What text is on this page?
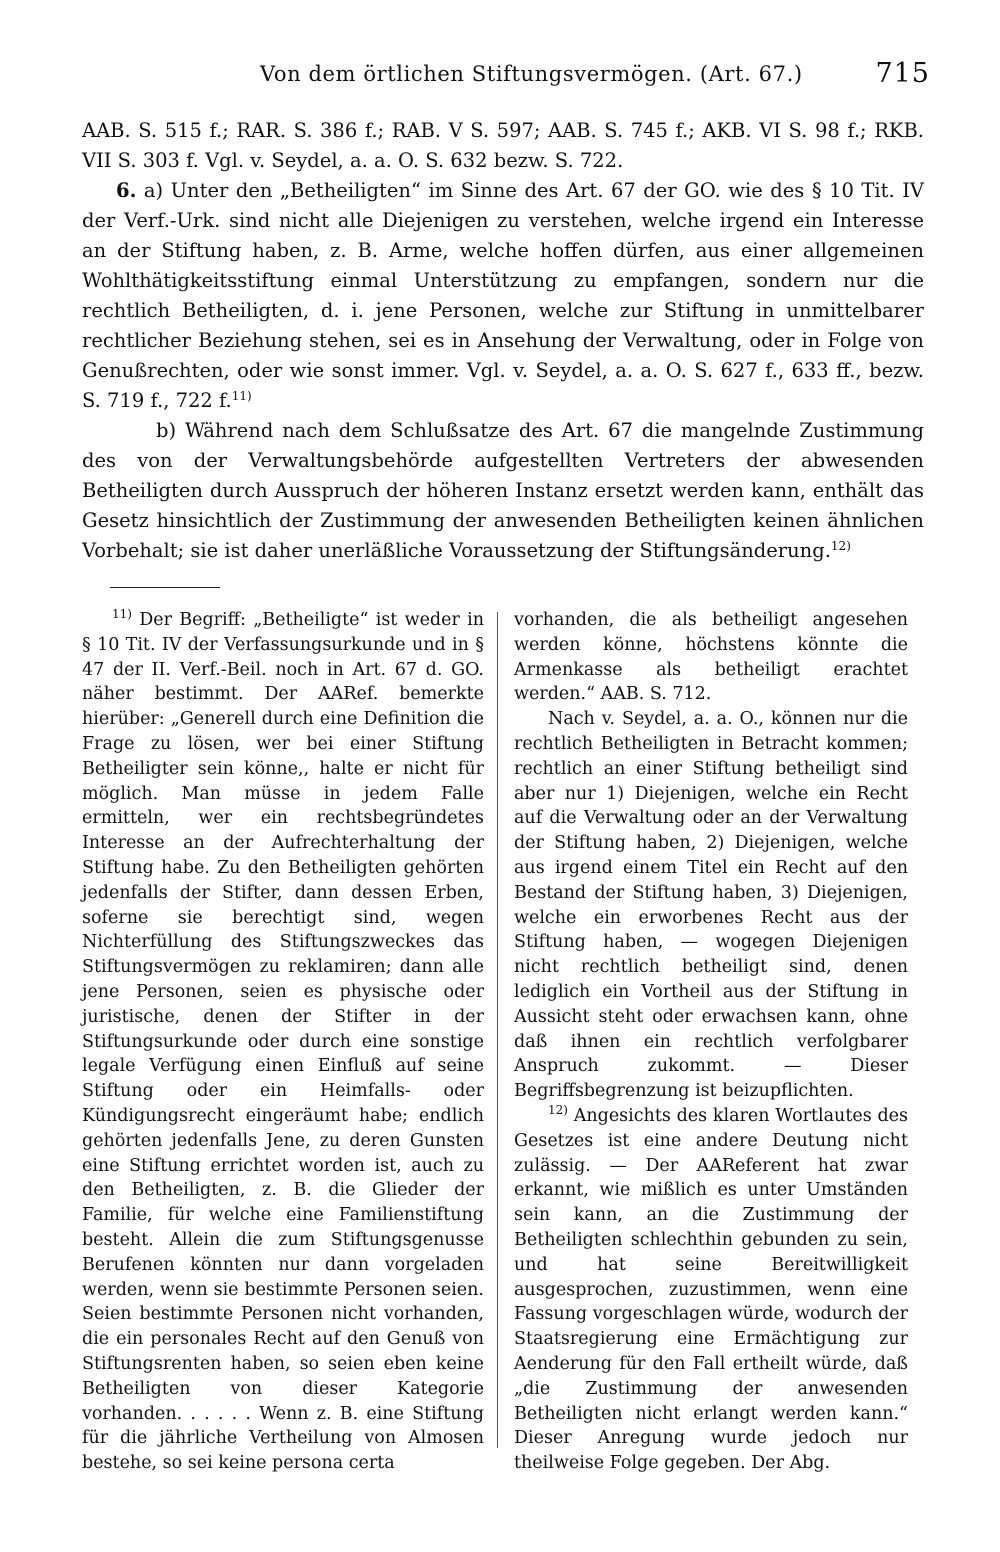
Von dem örtlichen Stiftungsvermögen. (Art. 67.)	715

AAB. S. 515 f.; RAR. S. 386 f.; RAB. V S. 597; AAB. S. 745 f.; AKB. VI S. 98 f.; RKB. VII S. 303 f. Vgl. v. Seydel, a. a. O. S. 632 bezw. S. 722.

6. a) Unter den „Betheiligten“ im Sinne des Art. 67 der GO. wie des § 10 Tit. IV der Verf.-Urk. sind nicht alle Diejenigen zu verstehen, welche irgend ein Interesse an der Stiftung haben, z. B. Arme, welche hoffen dürfen, aus einer allgemeinen Wohlthätigkeitsstiftung einmal Unterstützung zu empfangen, sondern nur die rechtlich Betheiligten, d. i. jene Personen, welche zur Stiftung in unmittelbarer rechtlicher Beziehung stehen, sei es in Ansehung der Verwaltung, oder in Folge von Genußrechten, oder wie sonst immer. Vgl. v. Seydel, a. a. O. S. 627 f., 633 ff., bezw. S. 719 f., 722 f.$^{11)}$

b) Während nach dem Schlußsatze des Art. 67 die mangelnde Zustimmung des von der Verwaltungsbehörde aufgestellten Vertreters der abwesenden Betheiligten durch Ausspruch der höheren Instanz ersetzt werden kann, enthält das Gesetz hinsichtlich der Zustimmung der anwesenden Betheiligten keinen ähnlichen Vorbehalt; sie ist daher unerläßliche Voraussetzung der Stiftungsänderung.$^{12)}$

$^{11)}$ Der Begriff: „Betheiligte“ ist weder in § 10 Tit. IV der Verfassungsurkunde und in § 47 der II. Verf.-Beil. noch in Art. 67 d. GO. näher bestimmt. Der AARef. bemerkte hierüber: „Generell durch eine Definition die Frage zu lösen, wer bei einer Stiftung Betheiligter sein könne,, halte er nicht für möglich. Man müsse in jedem Falle ermitteln, wer ein rechtsbegründetes Interesse an der Aufrechterhaltung der Stiftung habe. Zu den Betheiligten gehörten jedenfalls der Stifter, dann dessen Erben, soferne sie berechtigt sind, wegen Nichterfüllung des Stiftungszweckes das Stiftungsvermögen zu reklamiren; dann alle jene Personen, seien es physische oder juristische, denen der Stifter in der Stiftungsurkunde oder durch eine sonstige legale Verfügung einen Einfluß auf seine Stiftung oder ein Heimfalls- oder Kündigungsrecht eingeräumt habe; endlich gehörten jedenfalls Jene, zu deren Gunsten eine Stiftung errichtet worden ist, auch zu den Betheiligten, z. B. die Glieder der Familie, für welche eine Familienstiftung besteht. Allein die zum Stiftungsgenusse Berufenen könnten nur dann vorgeladen werden, wenn sie bestimmte Personen seien. Seien bestimmte Personen nicht vorhanden, die ein personales Recht auf den Genuß von Stiftungsrenten haben, so seien eben keine Betheiligten von dieser Kategorie vorhanden. . . . . . Wenn z. B. eine Stiftung für die jährliche Vertheilung von Almosen bestehe, so sei keine persona certa

vorhanden, die als betheiligt angesehen werden könne, höchstens könnte die Armenkasse als betheiligt erachtet werden.“ AAB. S. 712.

Nach v. Seydel, a. a. O., können nur die rechtlich Betheiligten in Betracht kommen; rechtlich an einer Stiftung betheiligt sind aber nur 1) Diejenigen, welche ein Recht auf die Verwaltung oder an der Verwaltung der Stiftung haben, 2) Diejenigen, welche aus irgend einem Titel ein Recht auf den Bestand der Stiftung haben, 3) Diejenigen, welche ein erworbenes Recht aus der Stiftung haben, — wogegen Diejenigen nicht rechtlich betheiligt sind, denen lediglich ein Vortheil aus der Stiftung in Aussicht steht oder erwachsen kann, ohne daß ihnen ein rechtlich verfolgbarer Anspruch zukommt. — Dieser Begriffsbegrenzung ist beizupflichten.

$^{12)}$ Angesichts des klaren Wortlautes des Gesetzes ist eine andere Deutung nicht zulässig. — Der AAReferent hat zwar erkannt, wie mißlich es unter Umständen sein kann, an die Zustimmung der Betheiligten schlechthin gebunden zu sein, und hat seine Bereitwilligkeit ausgesprochen, zuzustimmen, wenn eine Fassung vorgeschlagen würde, wodurch der Staatsregierung eine Ermächtigung zur Aenderung für den Fall ertheilt würde, daß „die Zustimmung der anwesenden Betheiligten nicht erlangt werden kann.“ Dieser Anregung wurde jedoch nur theilweise Folge gegeben. Der Abg.
